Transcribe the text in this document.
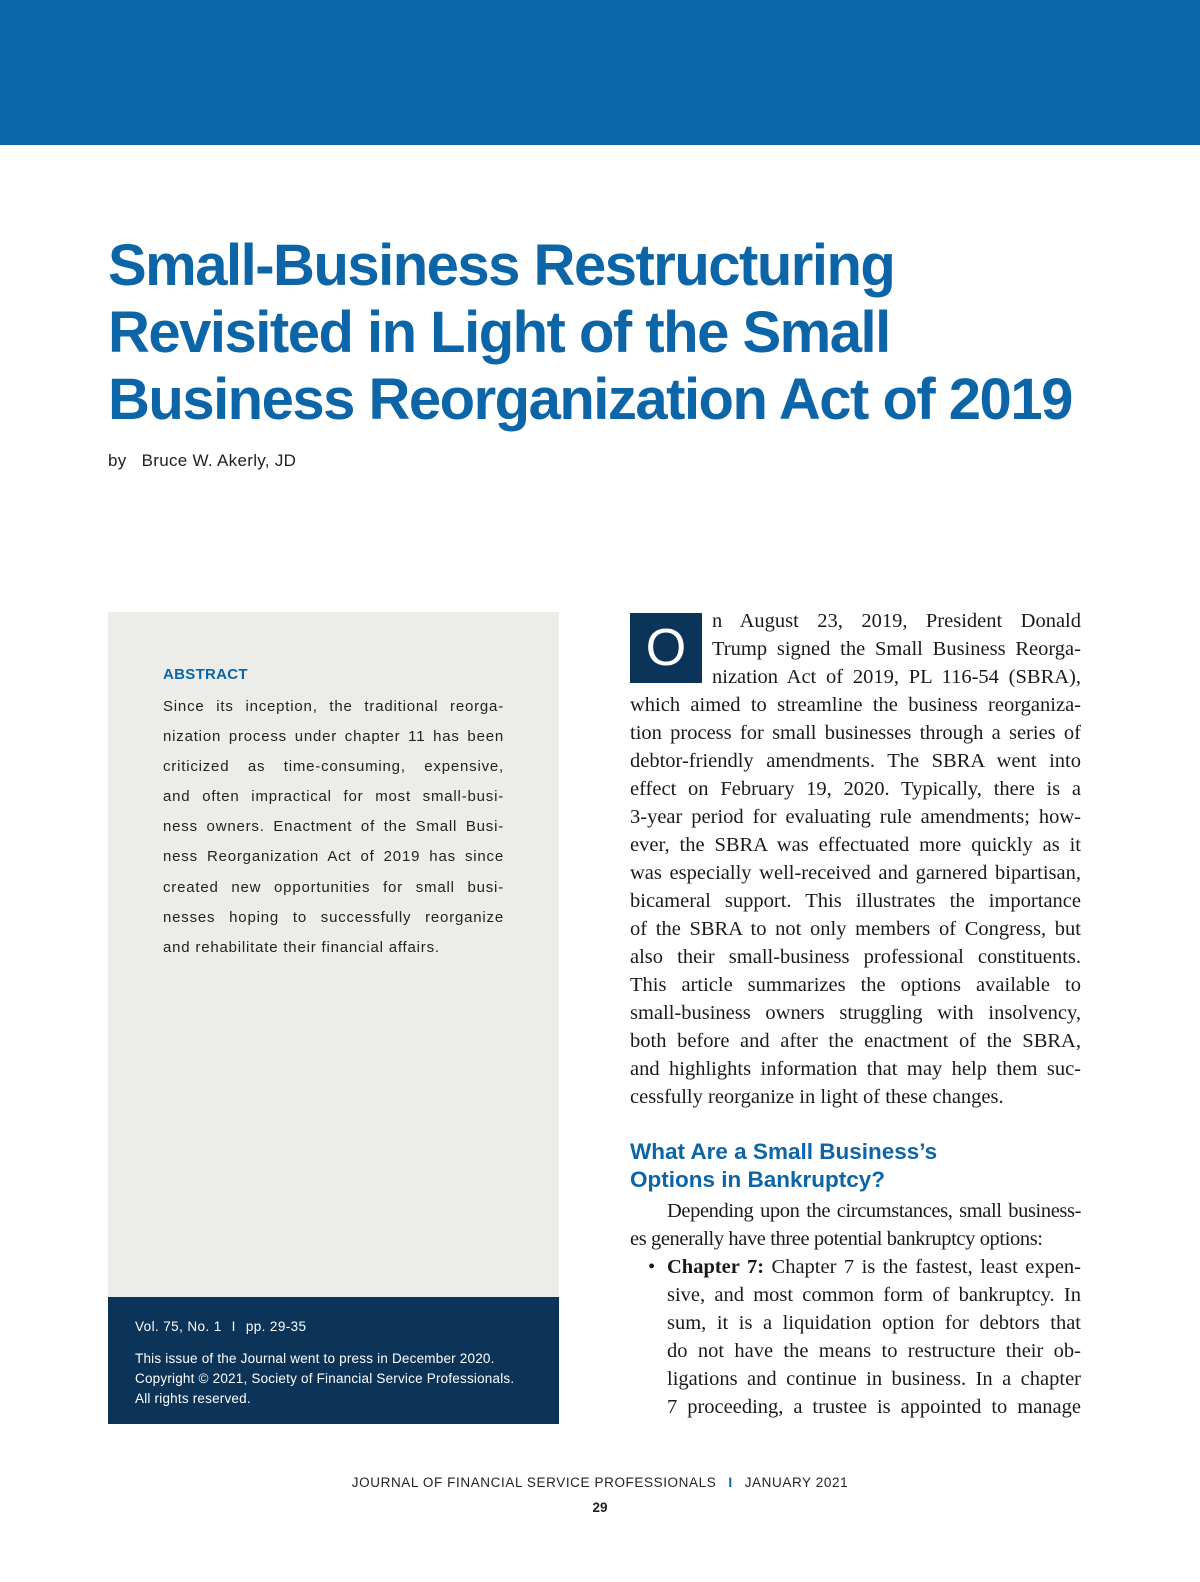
Small-Business Restructuring
Revisited in Light of the Small
Business Reorganization Act of 2019
by Bruce W. Akerly, JD
ABSTRACT
Since its inception, the traditional reorga-
nization process under chapter 11 has been
criticized as time-consuming, expensive,
and often impractical for most small-busi-
ness owners. Enactment of the Small Busi-
ness Reorganization Act of 2019 has since
created new opportunities for small busi-
nesses hoping to successfully reorganize
and rehabilitate their financial affairs.
Vol. 75, No. 1 I pp. 29-35
This issue of the Journal went to press in December 2020.
Copyright © 2021, Society of Financial Service Professionals.
All rights reserved.
O	n August 23, 2019, President Donald
Trump signed the Small Business Reorga-
nization Act of 2019, PL 116-54 (SBRA),
which aimed to streamline the business reorganiza-
tion process for small businesses through a series of
debtor-friendly amendments. The SBRA went into
effect on February 19, 2020. Typically, there is a
3-year period for evaluating rule amendments; how-
ever, the SBRA was effectuated more quickly as it
was especially well-received and garnered bipartisan,
bicameral support. This illustrates the importance
of the SBRA to not only members of Congress, but
also their small-business professional constituents.
This article summarizes the options available to
small-business owners struggling with insolvency,
both before and after the enactment of the SBRA,
and highlights information that may help them suc-
cessfully reorganize in light of these changes.
What Are a Small Business’s
Options in Bankruptcy?
Depending upon the circumstances, small business-
es generally have three potential bankruptcy options:
• Chapter 7: Chapter 7 is the fastest, least expen-
sive, and most common form of bankruptcy. In
sum, it is a liquidation option for debtors that
do not have the means to restructure their ob-
ligations and continue in business. In a chapter
7 proceeding, a trustee is appointed to manage
JOURNAL OF FINANCIAL SERVICE PROFESSIONALS I JANUARY 2021
29
